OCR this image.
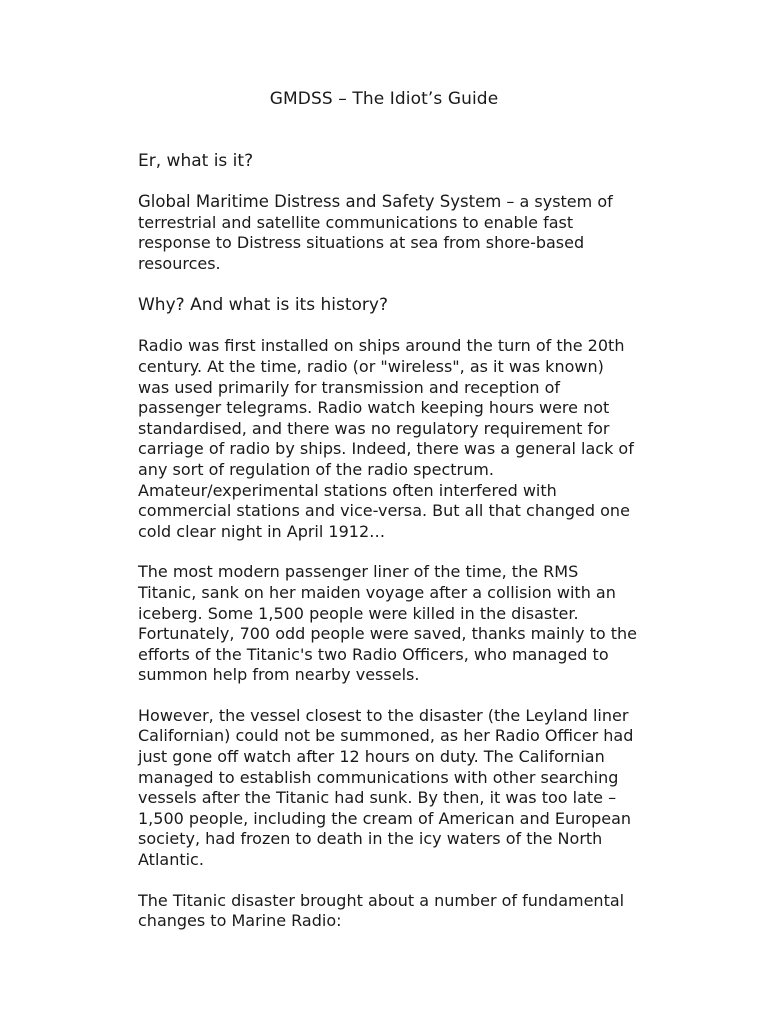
GMDSS – The Idiot’s Guide
Er, what is it?

Global Maritime Distress and Safety System – a system of terrestrial and satellite communications to enable fast response to Distress situations at sea from shore-based resources.

Why? And what is its history?

Radio was first installed on ships around the turn of the 20th century. At the time, radio (or "wireless", as it was known) was used primarily for transmission and reception of passenger telegrams. Radio watch keeping hours were not standardised, and there was no regulatory requirement for carriage of radio by ships. Indeed, there was a general lack of any sort of regulation of the radio spectrum. Amateur/experimental stations often interfered with commercial stations and vice-versa. But all that changed one cold clear night in April 1912…

The most modern passenger liner of the time, the RMS Titanic, sank on her maiden voyage after a collision with an iceberg. Some 1,500 people were killed in the disaster. Fortunately, 700 odd people were saved, thanks mainly to the efforts of the Titanic's two Radio Officers, who managed to summon help from nearby vessels.

However, the vessel closest to the disaster (the Leyland liner Californian) could not be summoned, as her Radio Officer had just gone off watch after 12 hours on duty. The Californian managed to establish communications with other searching vessels after the Titanic had sunk. By then, it was too late – 1,500 people, including the cream of American and European society, had frozen to death in the icy waters of the North Atlantic.

The Titanic disaster brought about a number of fundamental changes to Marine Radio:
